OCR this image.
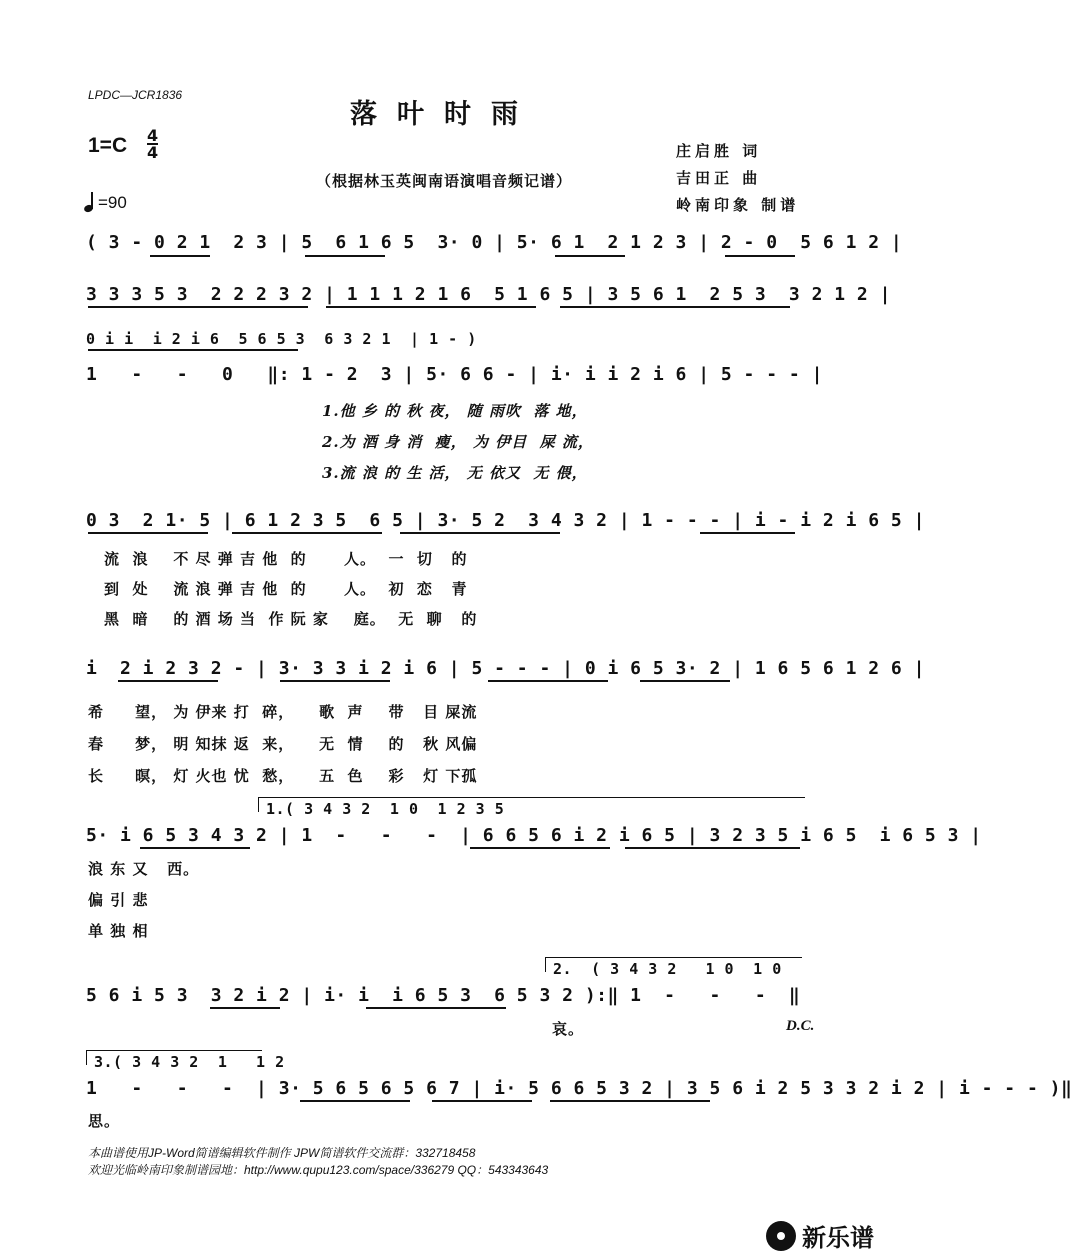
LPDC—JCR1836
落叶时雨
$1=C \frac{4}{4}$
（根据林玉英闽南语演唱音频记谱）
庄启胜 词
吉田正 曲
岭南印象 制谱
=90
( 3 - 0 2 1  2 3 | 5  6 1 6 5  3· 0 | 5· 6 1  2 1 2 3 | 2 - 0  5 6 1 2 |
3 3 3 5 3  2 2 2 3 2 | 1 1 1 2 1 6  5 1 6 5 | 3 5 6 1  2 5 3  3 2 1 2 |
0 i i  i 2 i 6  5 6 5 3  6 3 2 1  | 1 - )
1   -   -   0   ‖: 1 - 2  3 | 5· 6 6 - | i· i i 2 i 6 | 5 - - - |
1.他 乡 的 秋 夜， 随 雨吹  落 地，
2.为 酒 身 消  瘦， 为 伊目  屎 流，
3.流 浪 的 生 活， 无 依又  无 偎，
0 3  2 1· 5 | 6 1 2 3 5  6 5 | 3· 5 2  3 4 3 2 | 1 - - - | i - i 2 i 6 5 |
流  浪    不 尽 弹 吉 他  的      人。  一  切   的
到  处    流 浪 弹 吉 他  的      人。  初  恋   青
黑  暗    的 酒 场 当  作 阮 家    庭。  无  聊   的
i  2 i 2 3 2 - | 3· 3 3 i 2 i 6 | 5 - - - | 0 i 6 5 3· 2 | 1 6 5 6 1 2 6 |
希     望， 为 伊来 打  碎，    歌  声    带   目 屎流
春     梦， 明 知抹 返  来，    无  情    的   秋 风偏
长     暝， 灯 火也 忧  愁，    五  色    彩   灯 下孤
1.( 3 4 3 2  1 0  1 2 3 5
5· i 6 5 3 4 3 2 | 1  -   -   -  | 6 6 5 6 i 2 i 6 5 | 3 2 3 5 i 6 5  i 6 5 3 |
浪 东 又   西。
偏 引 悲
单 独 相
2.  ( 3 4 3 2   1 0  1 0
5 6 i 5 3  3 2 i 2 | i· i  i 6 5 3  6 5 3 2 ):‖ 1  -   -   -  ‖
哀。	D.C.
3.( 3 4 3 2  1   1 2
1   -   -   -  | 3· 5 6 5 6 5 6 7 | i· 5 6 6 5 3 2 | 3 5 6 i 2 5 3 3 2 i 2 | i - - - )‖
思。
本曲谱使用JP-Word简谱编辑软件制作 JPW简谱软件交流群：332718458
欢迎光临岭南印象制谱园地：http://www.qupu123.com/space/336279 QQ：543343643
新乐谱
